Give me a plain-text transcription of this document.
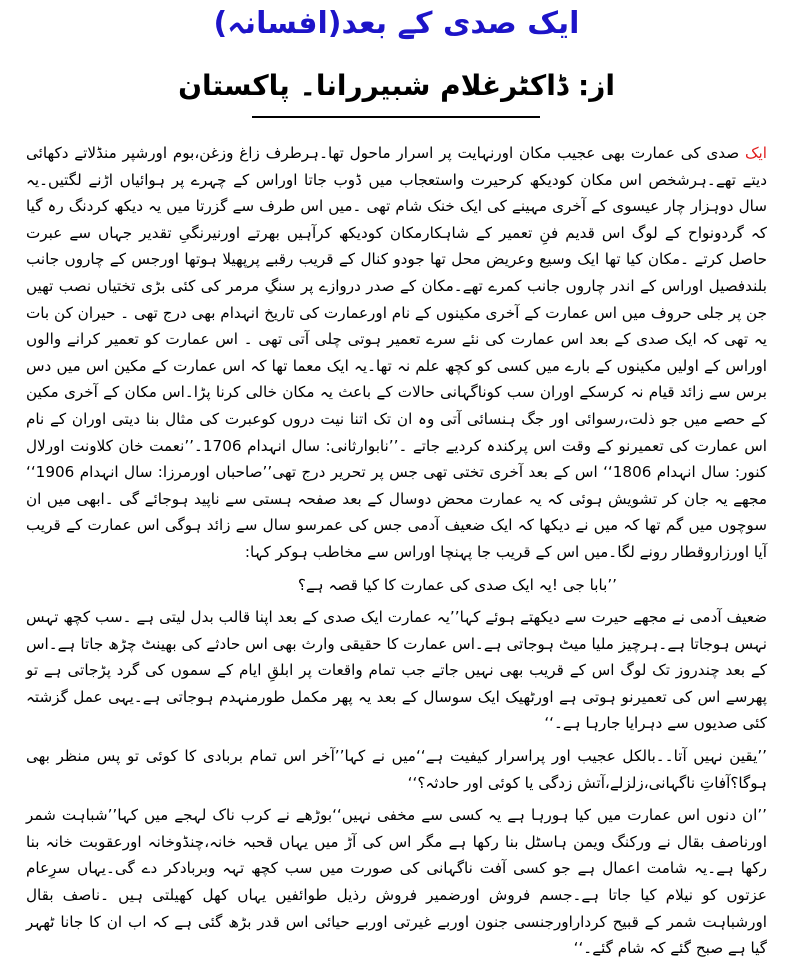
ایک صدی کے بعد(افسانہ)
از: ڈاکٹرغلام شبیررانا۔ پاکستان

ایک صدی کی عمارت بھی عجیب مکان اورنہایت پر اسرار ماحول تھا۔ہرطرف زاغ وزغن،بوم اورشپر منڈلاتے دکھائی دیتے تھے۔ہرشخص اس مکان کودیکھ کرحیرت واستعجاب میں ڈوب جاتا اوراس کے چہرے پر ہوائیاں اڑنے لگتیں۔یہ سال دوہزار چار عیسوی کے آخری مہینے کی ایک خنک شام تھی ۔میں اس طرف سے گزرتا میں یہ دیکھ کردنگ رہ گیا کہ گردونواح کے لوگ اس قدیم فنِ تعمیر کے شاہکارمکان کودیکھ کرآہیں بھرتے اورنیرنگیِ تقدیر جہاں سے عبرت حاصل کرتے ۔مکان کیا تھا ایک وسیع وعریض محل تھا جودو کنال کے قریب رقبے پرپھیلا ہوتھا اورجس کے چاروں جانب بلندفصیل اوراس کے اندر چاروں جانب کمرے تھے۔مکان کے صدر دروازے پر سنگِ مرمر کی کئی بڑی تختیاں نصب تھیں جن پر جلی حروف میں اس عمارت کے آخری مکینوں کے نام اورعمارت کی تاریخ انہدام بھی درج تھی ۔ حیران کن بات یہ تھی کہ ایک صدی کے بعد اس عمارت کی نئے سرے تعمیر ہوتی چلی آتی تھی ۔ اس عمارت کو تعمیر کرانے والوں اوراس کے اولیں مکینوں کے بارے میں کسی کو کچھ علم نہ تھا۔یہ ایک معما تھا کہ اس عمارت کے مکین اس میں دس برس سے زائد قیام نہ کرسکے اوران سب کوناگہانی حالات کے باعث یہ مکان خالی کرنا پڑا۔اس مکان کے آخری مکین کے حصے میں جو ذلت،رسوائی اور جگ ہنسائی آتی وہ ان تک اتنا نیت دروں کوعبرت کی مثال بنا دیتی اوران کے نام اس عمارت کی تعمیرنو کے وقت اس پرکندہ کردیے جاتے ۔’’نابوارثانی: سال انہدام 1706۔’’نعمت خان کلاونت اورلال کنور: سال انہدام 1806‘‘ اس کے بعد آخری تختی تھی جس پر تحریر درج تھی’’صاحباں اورمرزا: سال انہدام 1906‘‘ مجھے یہ جان کر تشویش ہوئی کہ یہ عمارت محض دوسال کے بعد صفحہ ہستی سے ناپید ہوجائے گی ۔ابھی میں ان سوچوں میں گم تھا کہ میں نے دیکھا کہ ایک ضعیف آدمی جس کی عمرسو سال سے زائد ہوگی اس عمارت کے قریب آیا اورزاروقطار رونے لگا۔میں اس کے قریب جا پہنچا اوراس سے مخاطب ہوکر کہا:

’’بابا جی !یہ ایک صدی کی عمارت کا کیا قصہ ہے؟

ضعیف آدمی نے مجھے حیرت سے دیکھتے ہوئے کہا’’یہ عمارت ایک صدی کے بعد اپنا قالب بدل لیتی ہے ۔سب کچھ تہس نہس ہوجاتا ہے۔ہرچیز ملیا میٹ ہوجاتی ہے۔اس عمارت کا حقیقی وارث بھی اس حادثے کی بھینٹ چڑھ جاتا ہے۔اس کے بعد چندروز تک لوگ اس کے قریب بھی نہیں جاتے جب تمام واقعات پر ابلقِ ایام کے سموں کی گرد پڑجاتی ہے تو پھرسے اس کی تعمیرنو ہوتی ہے اورٹھیک ایک سوسال کے بعد یہ پھر مکمل طورمنہدم ہوجاتی ہے۔یہی عمل گزشتہ کئی صدیوں سے دہرایا جارہا ہے۔‘‘

’’یقین نہیں آتا۔۔بالکل عجیب اور پراسرار کیفیت ہے‘‘میں نے کہا’’آخر اس تمام بربادی کا کوئی تو پس منظر بھی ہوگا؟آفاتِ ناگہانی،زلزلے،آتش زدگی یا کوئی اور حادثہ؟‘‘

’’ان دنوں اس عمارت میں کیا ہورہا ہے یہ کسی سے مخفی نہیں‘‘بوڑھے نے کرب ناک لہجے میں کہا’’شباہت شمر اورناصف بقال نے ورکنگ ویمن ہاسٹل بنا رکھا ہے مگر اس کی آڑ میں یہاں قحبہ خانہ،چنڈوخانہ اورعقوبت خانہ بنا رکھا ہے۔یہ شامت اعمال ہے جو کسی آفت ناگہانی کی صورت میں سب کچھ تہہ وبربادکر دے گی۔یہاں سرِعام عزتوں کو نیلام کیا جاتا ہے۔جسم فروش اورضمیر فروش رذیل طوائفیں یہاں کھل کھیلتی ہیں ۔ناصف بقال اورشباہت شمر کے قبیح کرداراورجنسی جنون اوربے غیرتی اوربے حیائی اس قدر بڑھ گئی ہے کہ اب ان کا جانا ٹھہر گیا ہے صبح گئے کہ شام گئے۔‘‘
